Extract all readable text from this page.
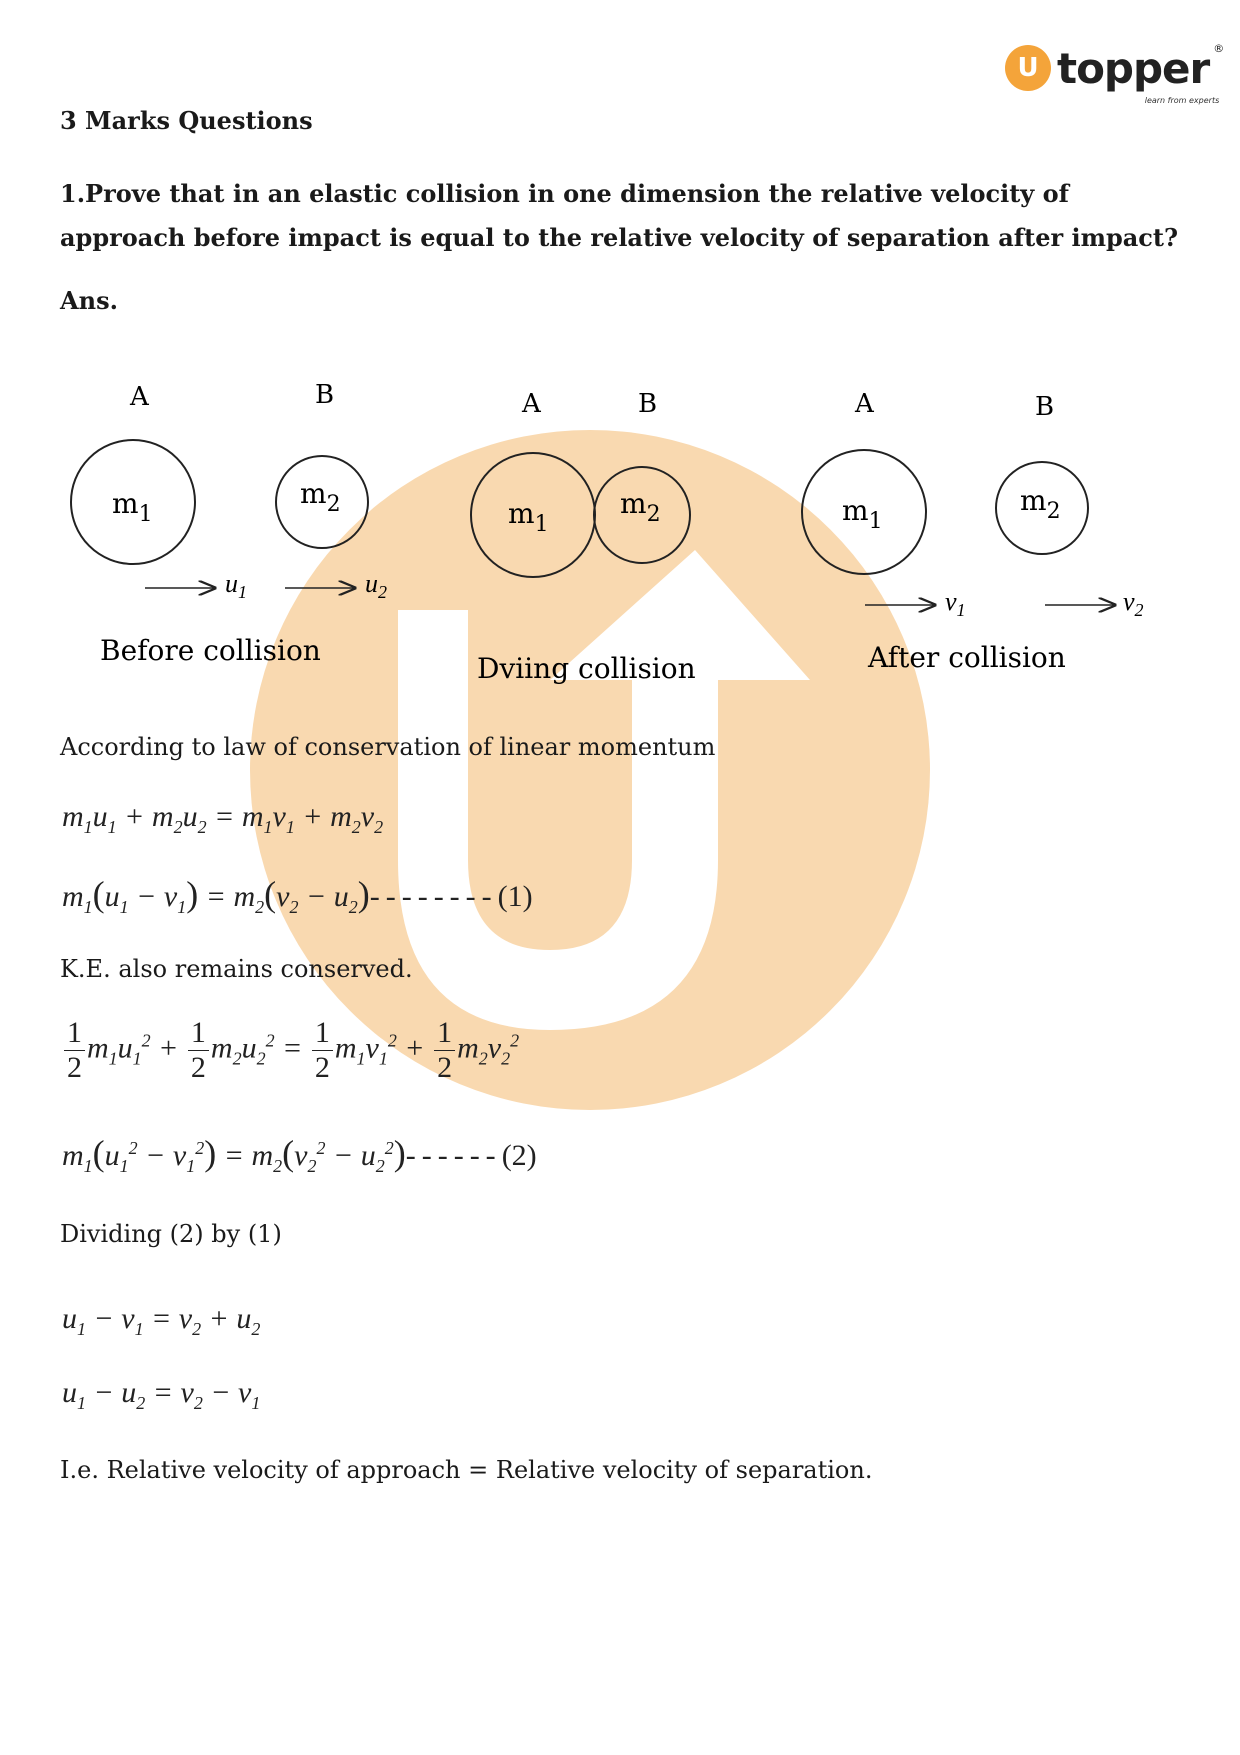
U topper ®
learn from experts
3 Marks Questions
1.Prove that in an elastic collision in one dimension the relative velocity of approach before impact is equal to the relative velocity of separation after impact?
Ans.
A	B
$m_1$
$m_2$
$u_1$	$u_2$
Before collision
A	B
$m_1$
$m_2$
Dviing collision
A	B
$m_1$
$m_2$
$v_1$	$v_2$
After collision
According to law of conservation of linear momentum
$m_1u_1 + m_2u_2 = m_1v_1 + m_2v_2$
$m_1(u_1 - v_1) = m_2(v_2 - u_2)--------(1)$
K.E. also remains conserved.
$\frac{1}{2} m_1u_1^2 + \frac{1}{2} m_2u_2^2 = \frac{1}{2} m_1v_1^2 + \frac{1}{2} m_2v_2^2$
$m_1(u_1^2 - v_1^2) = m_2(v_2^2 - u_2^2)------(2)$
Dividing (2) by (1)
$u_1 - v_1 = v_2 + u_2$
$u_1 - u_2 = v_2 - v_1$
I.e. Relative velocity of approach = Relative velocity of separation.
